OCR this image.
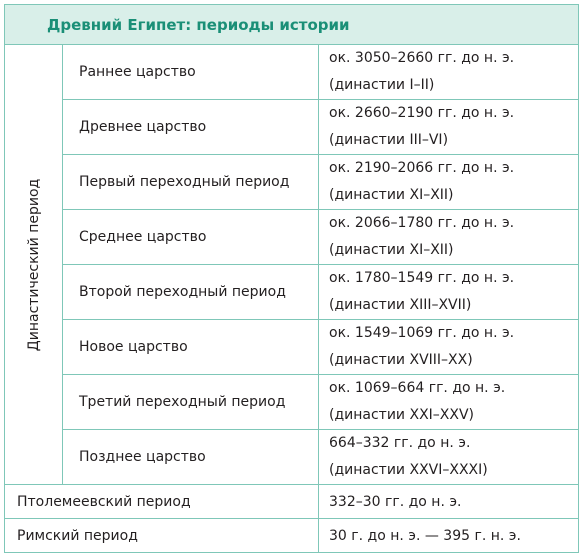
Древний Египет: периоды истории		

Династический период	Раннее царство	ок. 3050–2660 гг. до н. э.
(династии I–II)

	Древнее царство	ок. 2660–2190 гг. до н. э.
(династии III–VI)

	Первый переходный период	ок. 2190–2066 гг. до н. э.
(династии XI–XII)

	Среднее царство	ок. 2066–1780 гг. до н. э.
(династии XI–XII)

	Второй переходный период	ок. 1780–1549 гг. до н. э.
(династии XIII–XVII)

	Новое царство	ок. 1549–1069 гг. до н. э.
(династии XVIII–XX)

	Третий переходный период	ок. 1069–664 гг. до н. э.
(династии XXI–XXV)

	Позднее царство	664–332 гг. до н. э.
(династии XXVI–XXXI)

Птолемеевский период		332–30 гг. до н. э.
Римский период		30 г. до н. э. — 395 г. н. э.
